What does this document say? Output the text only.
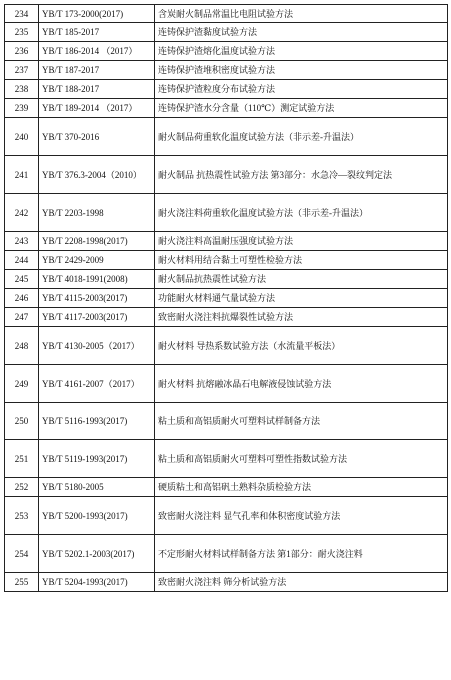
234	YB/T 173-2000(2017)	含炭耐火制品常温比电阻试验方法
235	YB/T 185-2017	连铸保护渣黏度试验方法
236	YB/T 186-2014 （2017）	连铸保护渣熔化温度试验方法
237	YB/T 187-2017	连铸保护渣堆积密度试验方法
238	YB/T 188-2017	连铸保护渣粒度分布试验方法
239	YB/T 189-2014 （2017）	连铸保护渣水分含量（110℃）测定试验方法
240	YB/T 370-2016	耐火制品荷重软化温度试验方法（非示差-升温法）
241	YB/T 376.3-2004（2010）	耐火制品 抗热震性试验方法 第3部分：水急冷—裂纹判定法
242	YB/T 2203-1998	耐火浇注料荷重软化温度试验方法（非示差-升温法）
243	YB/T 2208-1998(2017)	耐火浇注料高温耐压强度试验方法
244	YB/T 2429-2009	耐火材料用结合黏土可塑性检验方法
245	YB/T 4018-1991(2008)	耐火制品抗热震性试验方法
246	YB/T 4115-2003(2017)	功能耐火材料通气量试验方法
247	YB/T 4117-2003(2017)	致密耐火浇注料抗爆裂性试验方法
248	YB/T 4130-2005（2017）	耐火材料 导热系数试验方法（水流量平板法）
249	YB/T 4161-2007（2017）	耐火材料 抗熔融冰晶石电解液侵蚀试验方法
250	YB/T 5116-1993(2017)	粘土质和高铝质耐火可塑料试样制备方法
251	YB/T 5119-1993(2017)	粘土质和高铝质耐火可塑料可塑性指数试验方法
252	YB/T 5180-2005	硬质粘土和高铝矾土熟料杂质检验方法
253	YB/T 5200-1993(2017)	致密耐火浇注料 显气孔率和体积密度试验方法
254	YB/T 5202.1-2003(2017)	不定形耐火材料试样制备方法 第1部分：耐火浇注料
255	YB/T 5204-1993(2017)	致密耐火浇注料 筛分析试验方法
